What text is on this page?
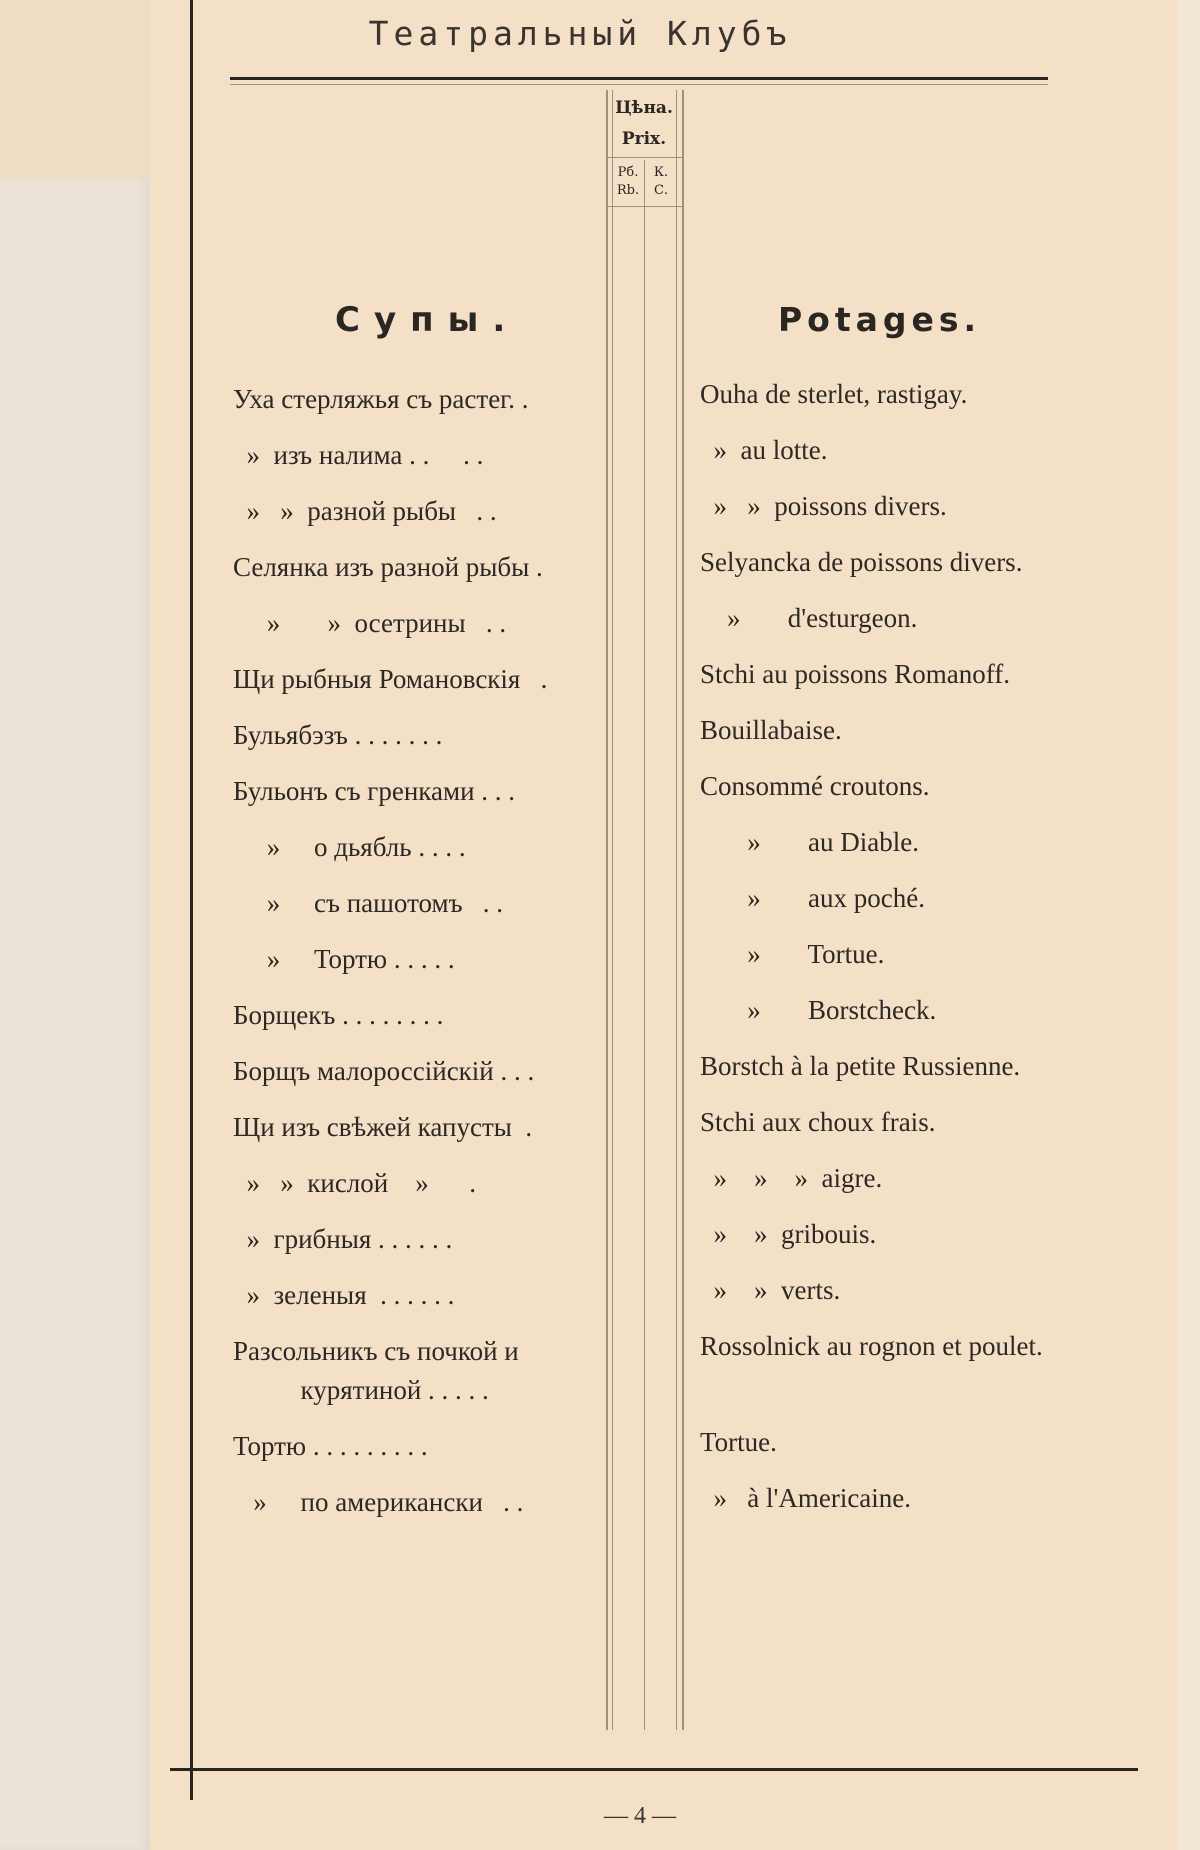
Театральный Клубъ
Цѣна.
Prix.
Рб.
Rb.
К.
С.
Супы.	Potages.
Уха стерляжья съ растег. .
»  изъ налима . .     . .
»   »  разной рыбы   . .
Селянка изъ разной рыбы .
»       »  осетрины   . .
Щи рыбныя Романовскія   .
Бульябэзъ . . . . . . .
Бульонъ съ гренками . . .
»     о дьябль . . . .
»     съ пашотомъ   . .
»     Тортю . . . . .
Борщекъ . . . . . . . .
Борщъ малороссійскій . . .
Щи изъ свѣжей капусты  .
»   »  кислой    »      .
»  грибныя . . . . . .
»  зеленыя  . . . . . .
Разсольникъ съ почкой и
курятиной . . . . .
Тортю . . . . . . . . .
»     по американски   . .
Ouha de sterlet, rastigay.
»  au lotte.
»   »  poissons divers.
Selyancka de poissons divers.
»       d'esturgeon.
Stchi au poissons Romanoff.
Bouillabaise.
Consommé croutons.
»       au Diable.
»       aux poché.
»       Tortue.
»       Borstcheck.
Borstch à la petite Russienne.
Stchi aux choux frais.
»    »    »  aigre.
»    »  gribouis.
»    »  verts.
Rossolnick au rognon et poulet.
Tortue.
»   à l'Americaine.
— 4 —
